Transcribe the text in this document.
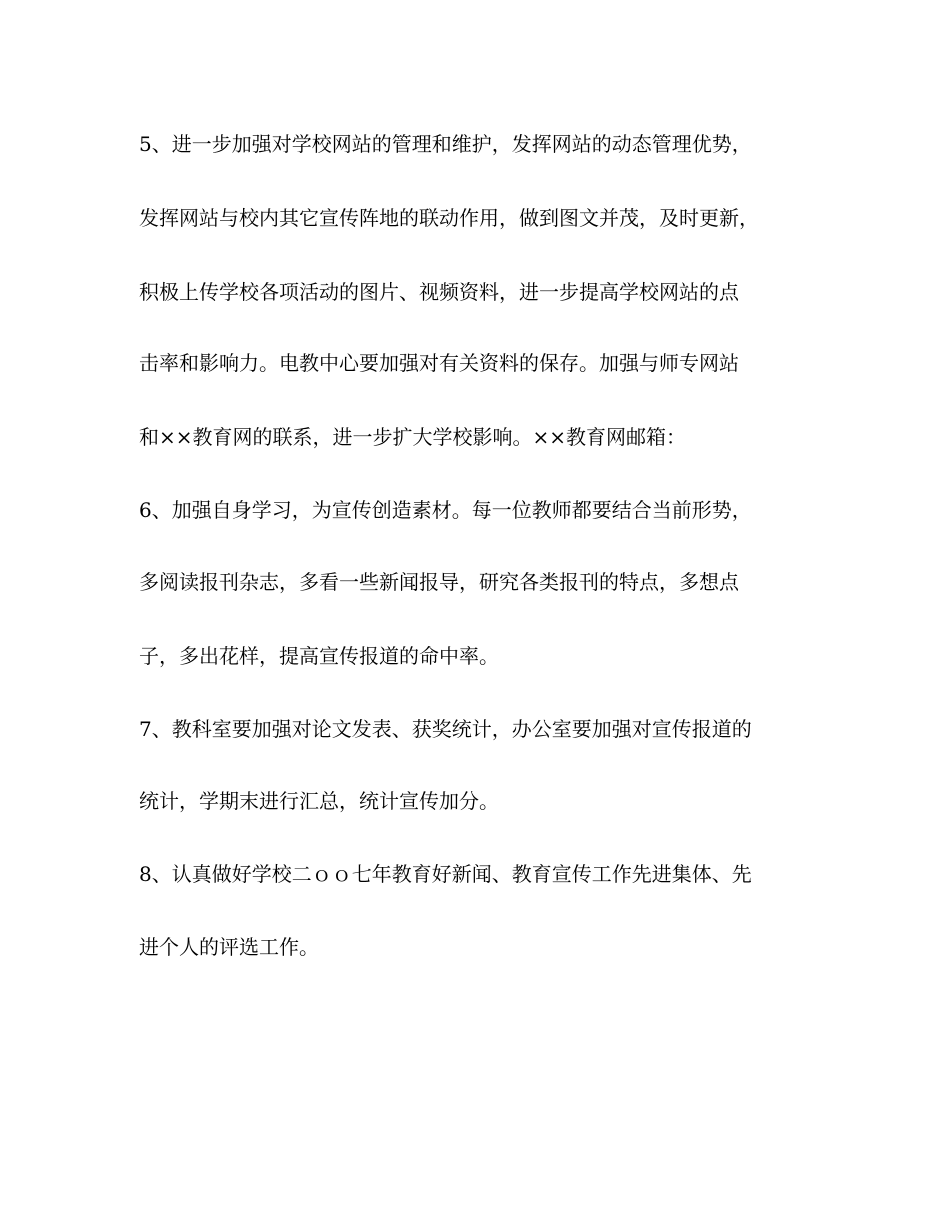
5、进一步加强对学校网站的管理和维护，发挥网站的动态管理优势，
发挥网站与校内其它宣传阵地的联动作用，做到图文并茂，及时更新，
积极上传学校各项活动的图片、视频资料，进一步提高学校网站的点
击率和影响力。电教中心要加强对有关资料的保存。加强与师专网站
和××教育网的联系，进一步扩大学校影响。××教育网邮箱：
6、加强自身学习，为宣传创造素材。每一位教师都要结合当前形势，
多阅读报刊杂志，多看一些新闻报导，研究各类报刊的特点，多想点
子，多出花样，提高宣传报道的命中率。
7、教科室要加强对论文发表、获奖统计，办公室要加强对宣传报道的
统计，学期末进行汇总，统计宣传加分。
8、认真做好学校二ｏｏ七年教育好新闻、教育宣传工作先进集体、先
进个人的评选工作。
